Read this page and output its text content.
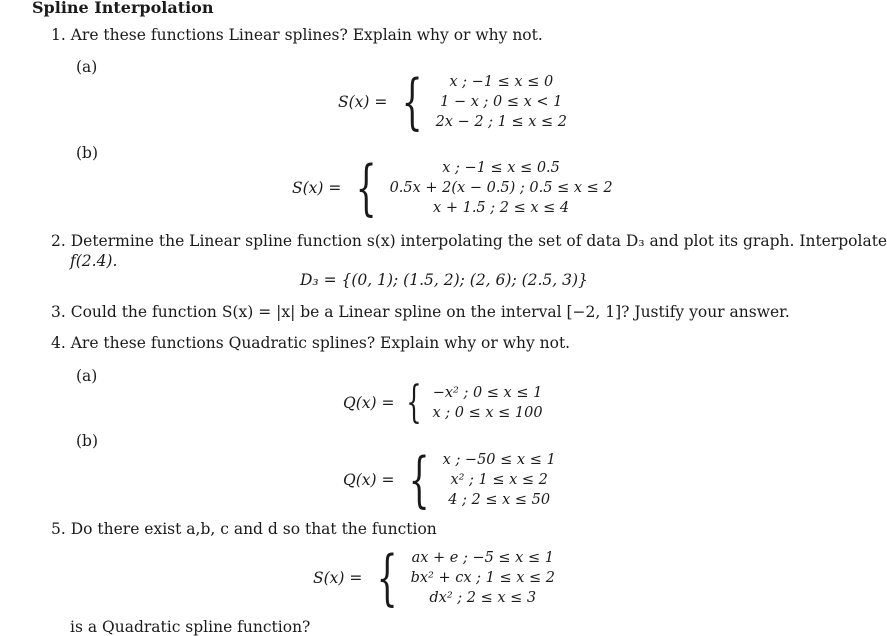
Spline Interpolation
1. Are these functions Linear splines? Explain why or why not.
(a)
S(x) = { x ; −1 ≤ x ≤ 0
1 − x ; 0 ≤ x < 1
2x − 2 ; 1 ≤ x ≤ 2
(b)
S(x) = {	x ; −1 ≤ x ≤ 0.5
0.5x + 2(x − 0.5) ; 0.5 ≤ x ≤ 2
x + 1.5 ; 2 ≤ x ≤ 4
2. Determine the Linear spline function s(x) interpolating the set of data D₃ and plot its graph. Interpolate
f(2.4).
D₃ = {(0, 1); (1.5, 2); (2, 6); (2.5, 3)}
3. Could the function S(x) = |x| be a Linear spline on the interval [−2, 1]? Justify your answer.
4. Are these functions Quadratic splines? Explain why or why not.
(a)
Q(x) = { −x² ; 0 ≤ x ≤ 1
x ; 0 ≤ x ≤ 100
(b)
Q(x) = { x ; −50 ≤ x ≤ 1
x² ; 1 ≤ x ≤ 2
4 ; 2 ≤ x ≤ 50
5. Do there exist a,b, c and d so that the function
S(x) = { ax + e ; −5 ≤ x ≤ 1
bx² + cx ; 1 ≤ x ≤ 2
dx² ; 2 ≤ x ≤ 3
is a Quadratic spline function?
